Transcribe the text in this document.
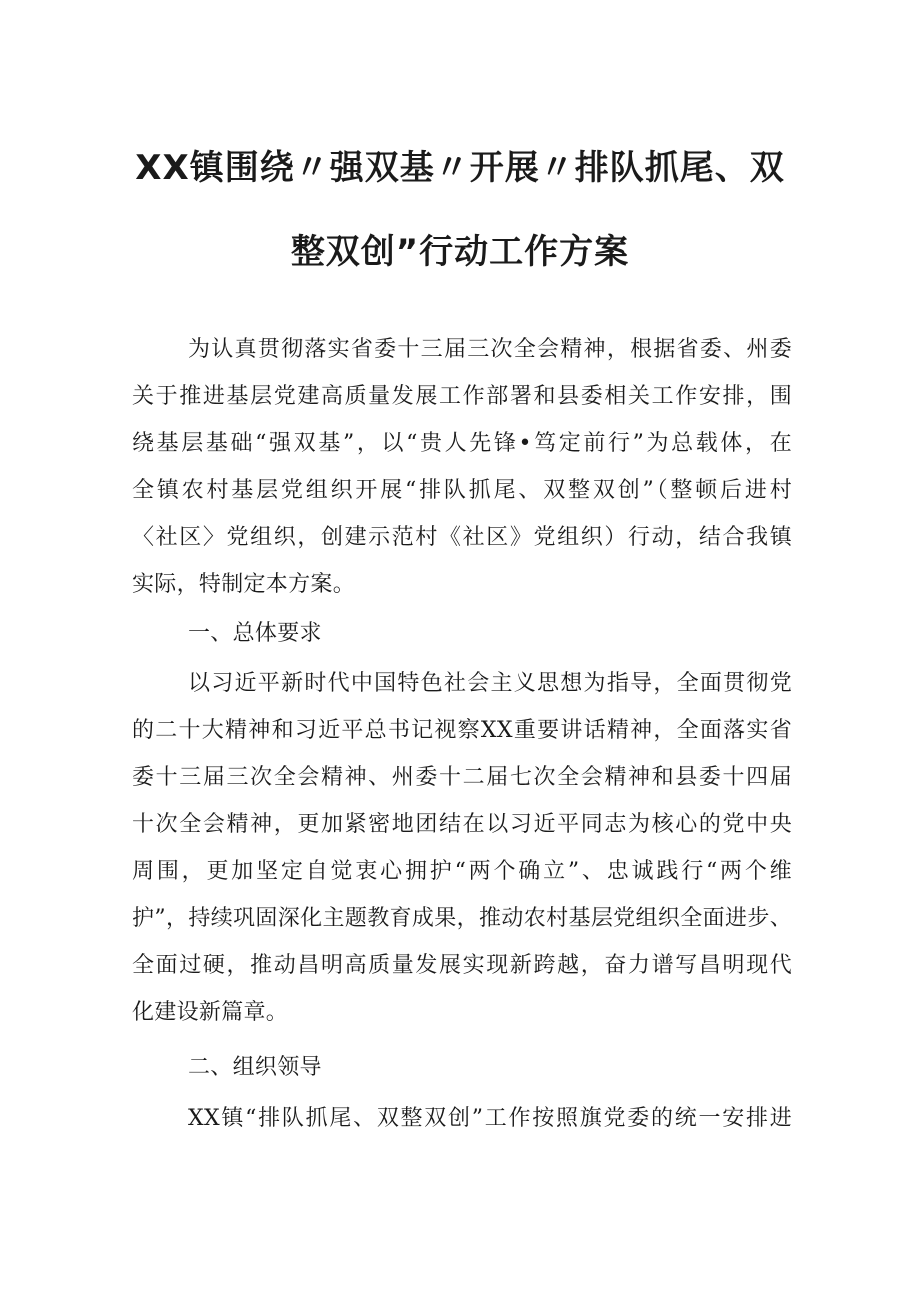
XX镇围绕〃强双基〃开展〃排队抓尾、双
整双创”行动工作方案
为认真贯彻落实省委十三届三次全会精神，根据省委、州委
关于推进基层党建高质量发展工作部署和县委相关工作安排，围
绕基层基础“强双基”，以“贵人先锋•笃定前行”为总载体，在
全镇农村基层党组织开展“排队抓尾、双整双创”（整顿后进村
〈社区〉党组织，创建示范村《社区》党组织）行动，结合我镇
实际，特制定本方案。
一、总体要求
以习近平新时代中国特色社会主义思想为指导，全面贯彻党
的二十大精神和习近平总书记视察XX重要讲话精神，全面落实省
委十三届三次全会精神、州委十二届七次全会精神和县委十四届
十次全会精神，更加紧密地团结在以习近平同志为核心的党中央
周围，更加坚定自觉衷心拥护“两个确立”、忠诚践行“两个维
护”，持续巩固深化主题教育成果，推动农村基层党组织全面进步、
全面过硬，推动昌明高质量发展实现新跨越，奋力谱写昌明现代
化建设新篇章。
二、组织领导
XX镇“排队抓尾、双整双创”工作按照旗党委的统一安排进
